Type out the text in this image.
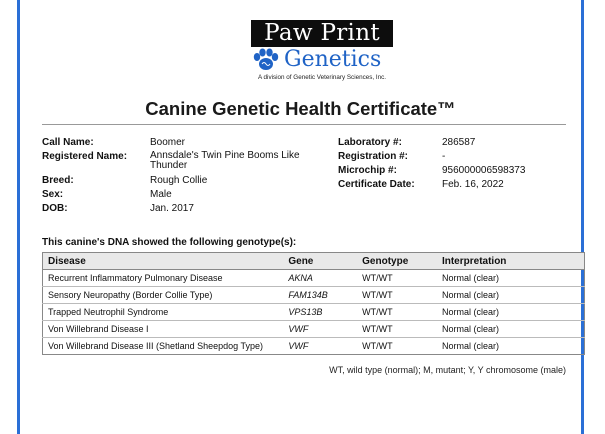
Paw Print
Genetics
A division of Genetic Veterinary Sciences, Inc.
Canine Genetic Health Certificate™
Call Name:	Boomer
Registered Name: Annsdale's Twin Pine Booms Like Thunder
Breed:	Rough Collie
Sex:	Male
DOB:	Jan. 2017
Laboratory #:	286587
Registration #:	-
Microchip #:	956000006598373
Certificate Date:	Feb. 16, 2022
This canine's DNA showed the following genotype(s):
Disease	Gene	Genotype	Interpretation
Recurrent Inflammatory Pulmonary Disease	AKNA	WT/WT	Normal (clear)
Sensory Neuropathy (Border Collie Type)	FAM134B	WT/WT	Normal (clear)
Trapped Neutrophil Syndrome	VPS13B	WT/WT	Normal (clear)
Von Willebrand Disease I	VWF	WT/WT	Normal (clear)
Von Willebrand Disease III (Shetland Sheepdog Type)	VWF	WT/WT	Normal (clear)
WT, wild type (normal); M, mutant; Y, Y chromosome (male)
